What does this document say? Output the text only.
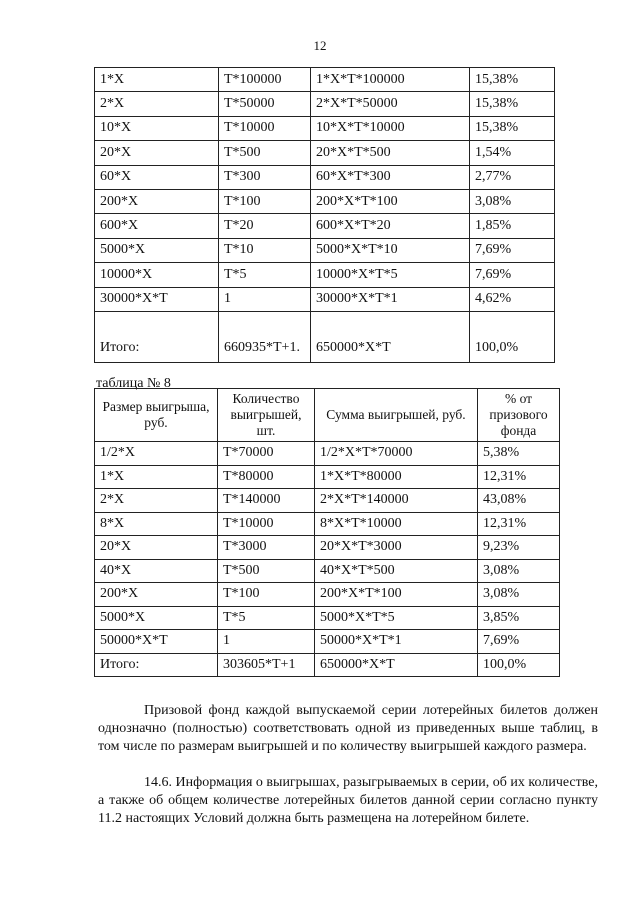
12
1*Х	Т*100000	1*Х*Т*100000	15,38%
2*Х	Т*50000	2*Х*Т*50000	15,38%
10*Х	Т*10000	10*Х*Т*10000	15,38%
20*Х	Т*500	20*Х*Т*500	1,54%
60*Х	Т*300	60*Х*Т*300	2,77%
200*Х	Т*100	200*Х*Т*100	3,08%
600*Х	Т*20	600*Х*Т*20	1,85%
5000*Х	Т*10	5000*Х*Т*10	7,69%
10000*Х	Т*5	10000*Х*Т*5	7,69%
30000*Х*Т	1	30000*Х*Т*1	4,62%
Итого:	660935*Т+1.	650000*Х*Т	100,0%
таблица № 8
Размер выигрыша, руб.	Количество выигрышей, шт.	Сумма выигрышей, руб.	% от призового фонда
1/2*Х	Т*70000	1/2*Х*Т*70000	5,38%
1*Х	Т*80000	1*Х*Т*80000	12,31%
2*Х	Т*140000	2*Х*Т*140000	43,08%
8*Х	Т*10000	8*Х*Т*10000	12,31%
20*Х	Т*3000	20*Х*Т*3000	9,23%
40*Х	Т*500	40*Х*Т*500	3,08%
200*Х	Т*100	200*Х*Т*100	3,08%
5000*Х	Т*5	5000*Х*Т*5	3,85%
50000*Х*Т	1	50000*Х*Т*1	7,69%
Итого:	303605*Т+1	650000*Х*Т	100,0%
Призовой фонд каждой выпускаемой серии лотерейных билетов должен однозначно (полностью) соответствовать одной из приведенных выше таблиц, в том числе по размерам выигрышей и по количеству выигрышей каждого размера.
14.6. Информация о выигрышах, разыгрываемых в серии, об их количестве, а также об общем количестве лотерейных билетов данной серии согласно пункту 11.2 настоящих Условий должна быть размещена на лотерейном билете.
